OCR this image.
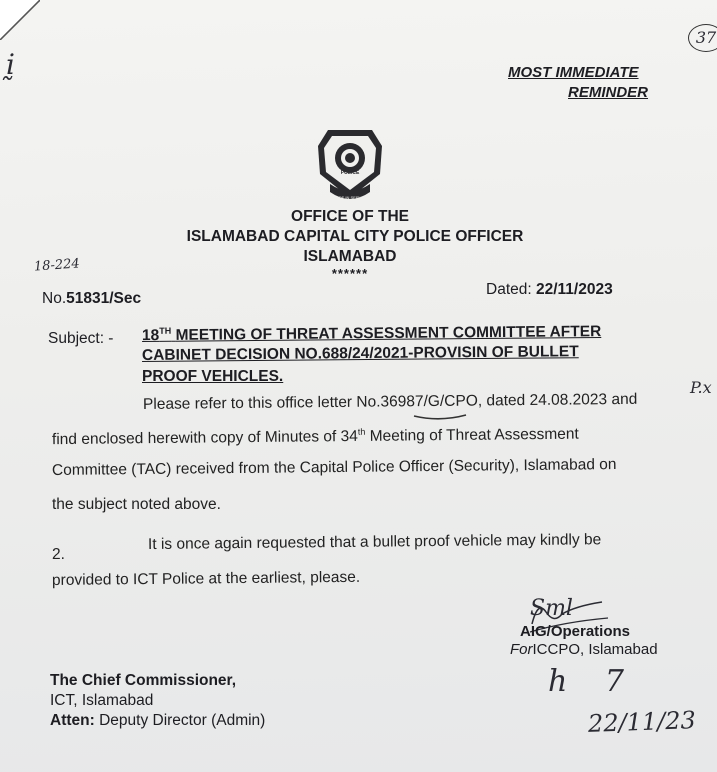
37
ḭ	MOST IMMEDIATE
REMINDER
POLICE
PRIDE IN SERVICE
OFFICE OF THE
ISLAMABAD CAPITAL CITY POLICE OFFICER
ISLAMABAD
******
18-224
No.51831/Sec
Dated: 22/11/2023
Subject: - 18TH MEETING OF THREAT ASSESSMENT COMMITTEE AFTER
CABINET DECISION NO.688/24/2021-PROVISIN OF BULLET
PROOF VEHICLES.
P.x
Please refer to this office letter No.36987/G/CPO, dated 24.08.2023 and
find enclosed herewith copy of Minutes of 34th Meeting of Threat Assessment
Committee (TAC) received from the Capital Police Officer (Security), Islamabad on
the subject noted above.
2.
It is once again requested that a bullet proof vehicle may kindly be
provided to ICT Police at the earliest, please.
Sml
AIG/Operations
ForICCPO, Islamabad
The Chief Commissioner,
ICT, Islamabad
Atten: Deputy Director (Admin)
h 7
22/11/23
